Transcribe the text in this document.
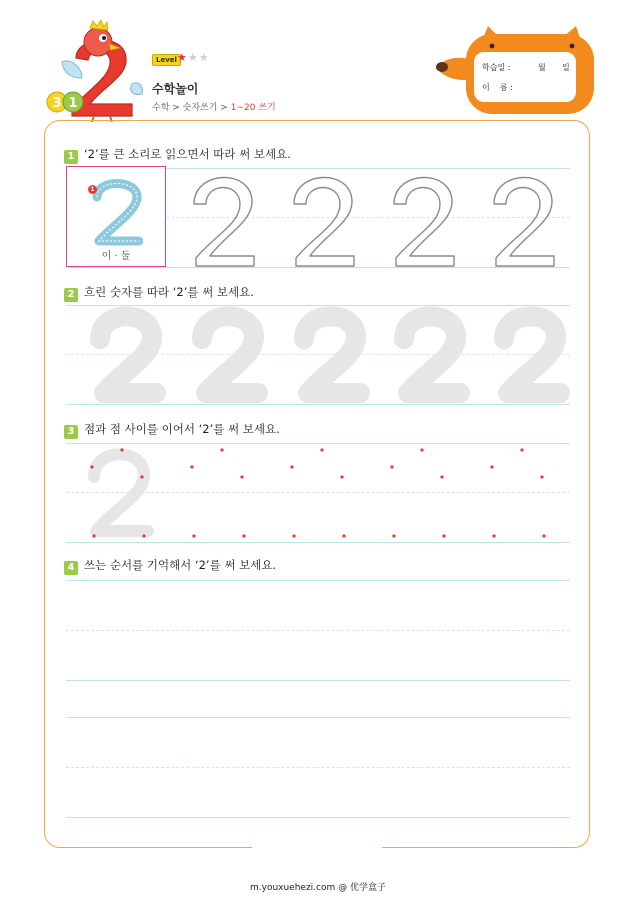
3 1
Level ★★★
수학놀이
수학 > 숫자쓰기 > 1~20 쓰기
학습일 :	월 일
이    름 :
1 ‘2’를 큰 소리로 읽으면서 따라 써 보세요.
1
이 · 둘
2 흐린 숫자를 따라 ‘2’를 써 보세요.
3 점과 점 사이를 이어서 ‘2’를 써 보세요.
4 쓰는 순서를 기억해서 ‘2’를 써 보세요.
m.youxuehezi.com @ 优学盒子
